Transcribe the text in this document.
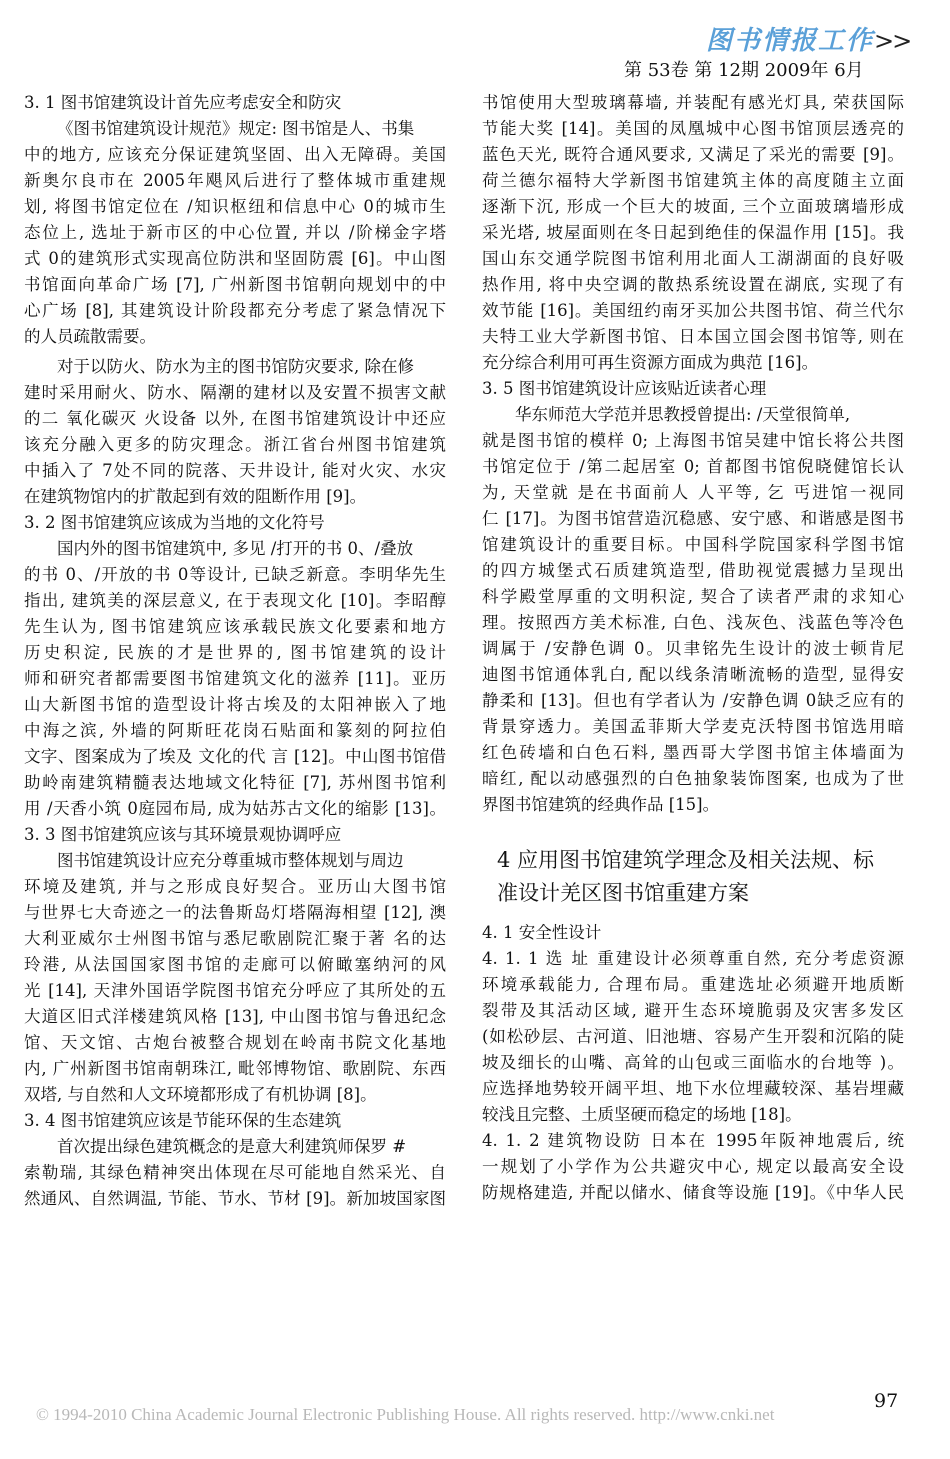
图书情报工作>>
第 53卷 第 12期 2009年 6月
3. 1 图书馆建筑设计首先应考虑安全和防灾
《图书馆建筑设计规范》规定: 图书馆是人、书集
中的地方, 应该充分保证建筑坚固、出入无障碍。美国
新奥尔良市在 2005年飓风后进行了整体城市重建规
划, 将图书馆定位在 /知识枢纽和信息中心 0的城市生
态位上, 选址于新市区的中心位置, 并以 /阶梯金字塔
式 0的建筑形式实现高位防洪和坚固防震 [6]。中山图
书馆面向革命广场 [7], 广州新图书馆朝向规划中的中
心广场 [8], 其建筑设计阶段都充分考虑了紧急情况下
的人员疏散需要。
对于以防火、防水为主的图书馆防灾要求, 除在修
建时采用耐火、防水、隔潮的建材以及安置不损害文献
的二 氧化碳灭 火设备 以外, 在图书馆建筑设计中还应
该充分融入更多的防灾理念。浙江省台州图书馆建筑
中插入了 7处不同的院落、天井设计, 能对火灾、水灾
在建筑物馆内的扩散起到有效的阻断作用 [9]。
3. 2 图书馆建筑应该成为当地的文化符号
国内外的图书馆建筑中, 多见 /打开的书 0、/叠放
的书 0、/开放的书 0等设计, 已缺乏新意。李明华先生
指出, 建筑美的深层意义, 在于表现文化 [10]。李昭醇
先生认为, 图书馆建筑应该承载民族文化要素和地方
历史积淀, 民族的才是世界的, 图书馆建筑的设计
师和研究者都需要图书馆建筑文化的滋养 [11]。亚历
山大新图书馆的造型设计将古埃及的太阳神嵌入了地
中海之滨, 外墙的阿斯旺花岗石贴面和篆刻的阿拉伯
文字、图案成为了埃及 文化的代 言 [12]。中山图书馆借
助岭南建筑精髓表达地域文化特征 [7], 苏州图书馆利
用 /天香小筑 0庭园布局, 成为姑苏古文化的缩影 [13]。
3. 3 图书馆建筑应该与其环境景观协调呼应
图书馆建筑设计应充分尊重城市整体规划与周边
环境及建筑, 并与之形成良好契合。亚历山大图书馆
与世界七大奇迹之一的法鲁斯岛灯塔隔海相望 [12], 澳
大利亚威尔士州图书馆与悉尼歌剧院汇聚于著 名的达
玲港, 从法国国家图书馆的走廊可以俯瞰塞纳河的风
光 [14], 天津外国语学院图书馆充分呼应了其所处的五
大道区旧式洋楼建筑风格 [13], 中山图书馆与鲁迅纪念
馆、天文馆、古炮台被整合规划在岭南书院文化基地
内, 广州新图书馆南朝珠江, 毗邻博物馆、歌剧院、东西
双塔, 与自然和人文环境都形成了有机协调 [8]。
3. 4 图书馆建筑应该是节能环保的生态建筑
首次提出绿色建筑概念的是意大利建筑师保罗 #
索勒瑞, 其绿色精神突出体现在尽可能地自然采光、自
然通风、自然调温, 节能、节水、节材 [9]。新加坡国家图
书馆使用大型玻璃幕墙, 并装配有感光灯具, 荣获国际
节能大奖 [14]。美国的凤凰城中心图书馆顶层透亮的
蓝色天光, 既符合通风要求, 又满足了采光的需要 [9]。
荷兰德尔福特大学新图书馆建筑主体的高度随主立面
逐渐下沉, 形成一个巨大的坡面, 三个立面玻璃墙形成
采光塔, 坡屋面则在冬日起到绝佳的保温作用 [15]。我
国山东交通学院图书馆利用北面人工湖湖面的良好吸
热作用, 将中央空调的散热系统设置在湖底, 实现了有
效节能 [16]。美国纽约南牙买加公共图书馆、荷兰代尔
夫特工业大学新图书馆、日本国立国会图书馆等, 则在
充分综合利用可再生资源方面成为典范 [16]。
3. 5 图书馆建筑设计应该贴近读者心理
华东师范大学范并思教授曾提出: /天堂很简单,
就是图书馆的模样 0; 上海图书馆吴建中馆长将公共图
书馆定位于 /第二起居室 0; 首都图书馆倪晓健馆长认
为, 天堂就 是在书面前人 人平等, 乞 丐进馆一视同
仁 [17]。为图书馆营造沉稳感、安宁感、和谐感是图书
馆建筑设计的重要目标。中国科学院国家科学图书馆
的四方城堡式石质建筑造型, 借助视觉震撼力呈现出
科学殿堂厚重的文明积淀, 契合了读者严肃的求知心
理。按照西方美术标准, 白色、浅灰色、浅蓝色等冷色
调属于 /安静色调 0。贝聿铭先生设计的波士顿肯尼
迪图书馆通体乳白, 配以线条清晰流畅的造型, 显得安
静柔和 [13]。但也有学者认为 /安静色调 0缺乏应有的
背景穿透力。美国孟菲斯大学麦克沃特图书馆选用暗
红色砖墙和白色石料, 墨西哥大学图书馆主体墙面为
暗红, 配以动感强烈的白色抽象装饰图案, 也成为了世
界图书馆建筑的经典作品 [15]。
4 应用图书馆建筑学理念及相关法规、标
准设计羌区图书馆重建方案
4. 1 安全性设计
4. 1. 1 选 址 重建设计必须尊重自然, 充分考虑资源
环境承载能力, 合理布局。重建选址必须避开地质断
裂带及其活动区域, 避开生态环境脆弱及灾害多发区
(如松砂层、古河道、旧池塘、容易产生开裂和沉陷的陡
坡及细长的山嘴、高耸的山包或三面临水的台地等 )。
应选择地势较开阔平坦、地下水位埋藏较深、基岩埋藏
较浅且完整、土质坚硬而稳定的场地 [18]。
4. 1. 2 建筑物设防 日本在 1995年阪神地震后, 统
一规划了小学作为公共避灾中心, 规定以最高安全设
防规格建造, 并配以储水、储食等设施 [19]。《中华人民
97
© 1994-2010 China Academic Journal Electronic Publishing House. All rights reserved. http://www.cnki.net
